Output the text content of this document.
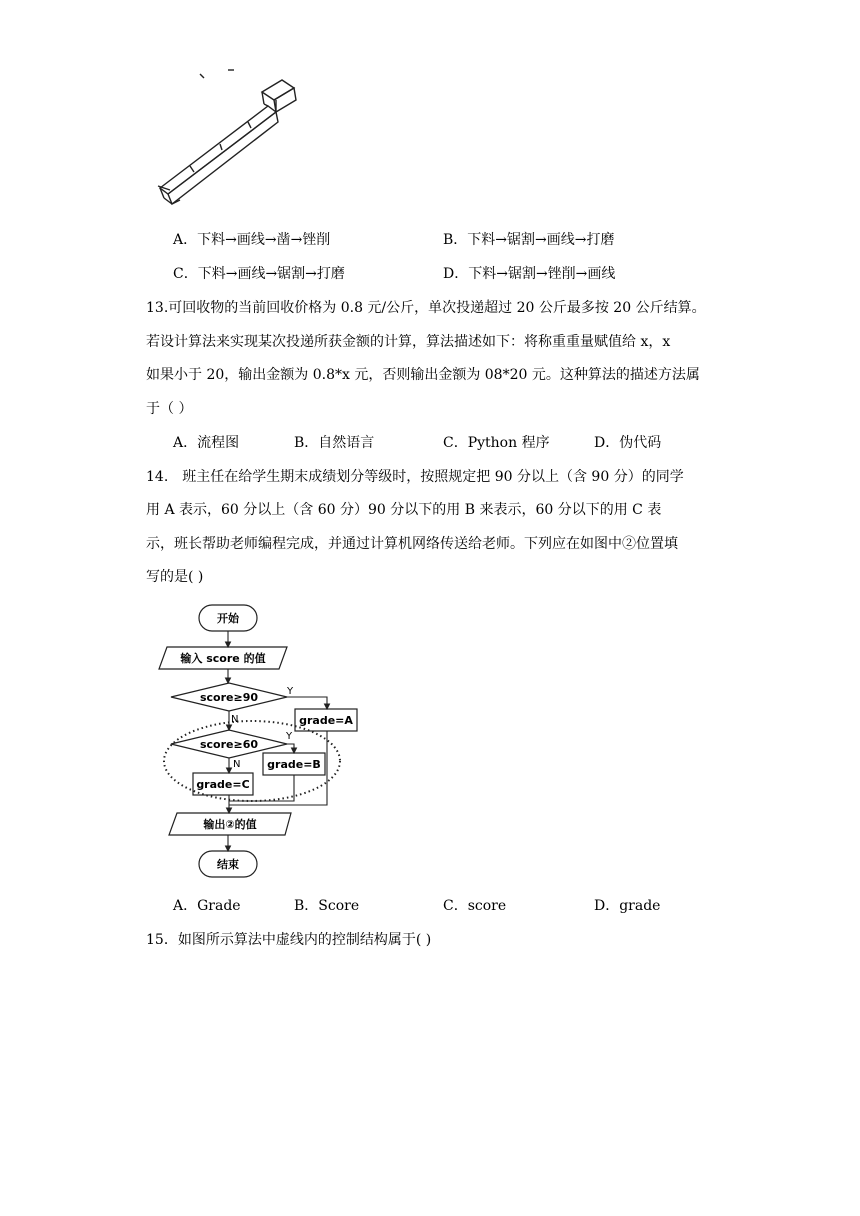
A．下料→画线→凿→锉削	B．下料→锯割→画线→打磨
C．下料→画线→锯割→打磨	D．下料→锯割→锉削→画线
13.可回收物的当前回收价格为 0.8 元/公斤，单次投递超过 20 公斤最多按 20 公斤结算。
若设计算法来实现某次投递所获金额的计算，算法描述如下：将称重重量赋值给 x，x
如果小于 20，输出金额为 0.8*x 元，否则输出金额为 08*20 元。这种算法的描述方法属
于（ ）
A．流程图	B．自然语言	C．Python 程序	D．伪代码
14.　班主任在给学生期末成绩划分等级时，按照规定把 90 分以上（含 90 分）的同学
用 A 表示，60 分以上（含 60 分）90 分以下的用 B 来表示，60 分以下的用 C 表
示，班长帮助老师编程完成，并通过计算机网络传送给老师。下列应在如图中②位置填
写的是( )
开始
输入 score 的值
score≥90
grade=A
score≥60
grade=B
grade=C
输出②的值
结束
Y
N
Y
N
A．Grade	B．Score	C．score	D．grade
15．如图所示算法中虚线内的控制结构属于( )
